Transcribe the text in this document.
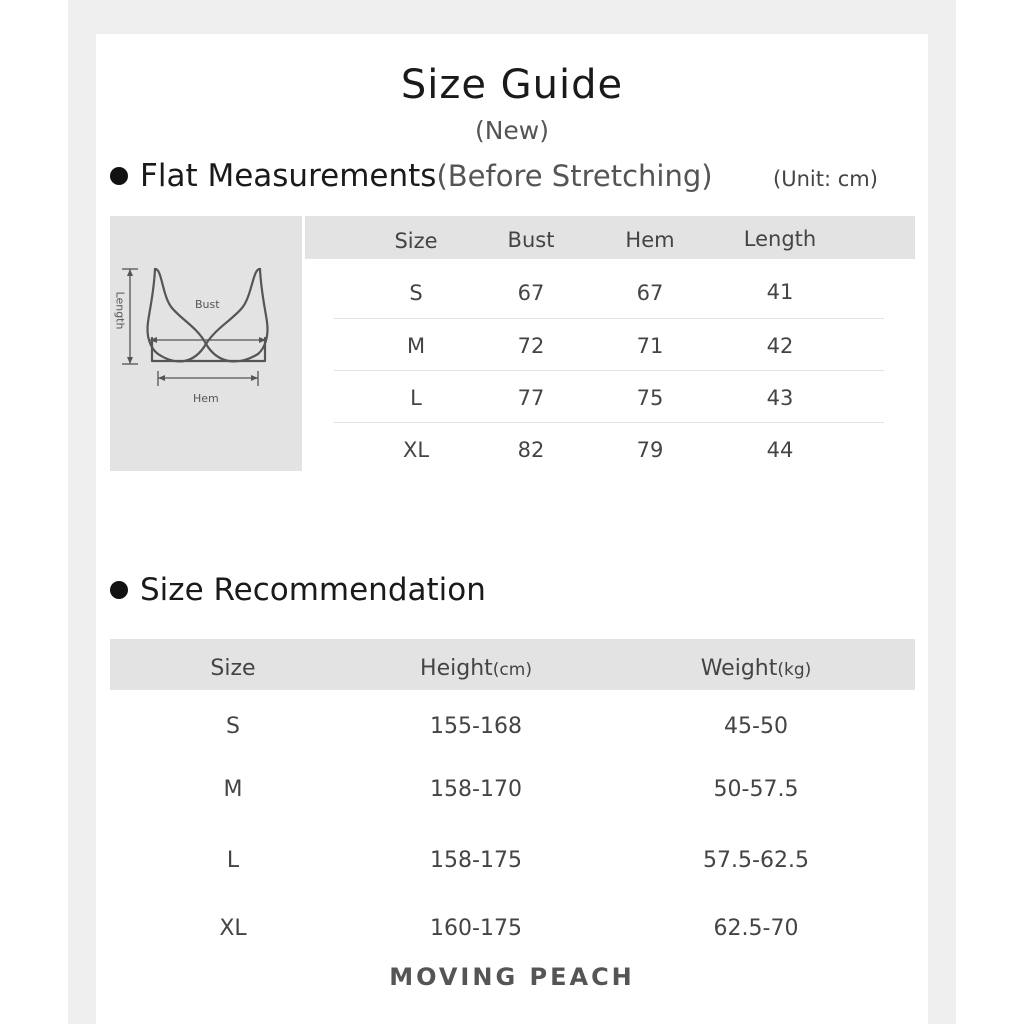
Size Guide
(New)
Flat Measurements (Before Stretching)	(Unit: cm)
Bust
Hem
Length
Size	Bust	Hem	Length
S	67	67	41
M	72	71	42
L	77	75	43
XL	82	79	44
Size Recommendation
Size	Height(cm)	Weight(kg)
S	155-168	45-50
M	158-170	50-57.5
L	158-175	57.5-62.5
XL	160-175	62.5-70
MOVING PEACH
